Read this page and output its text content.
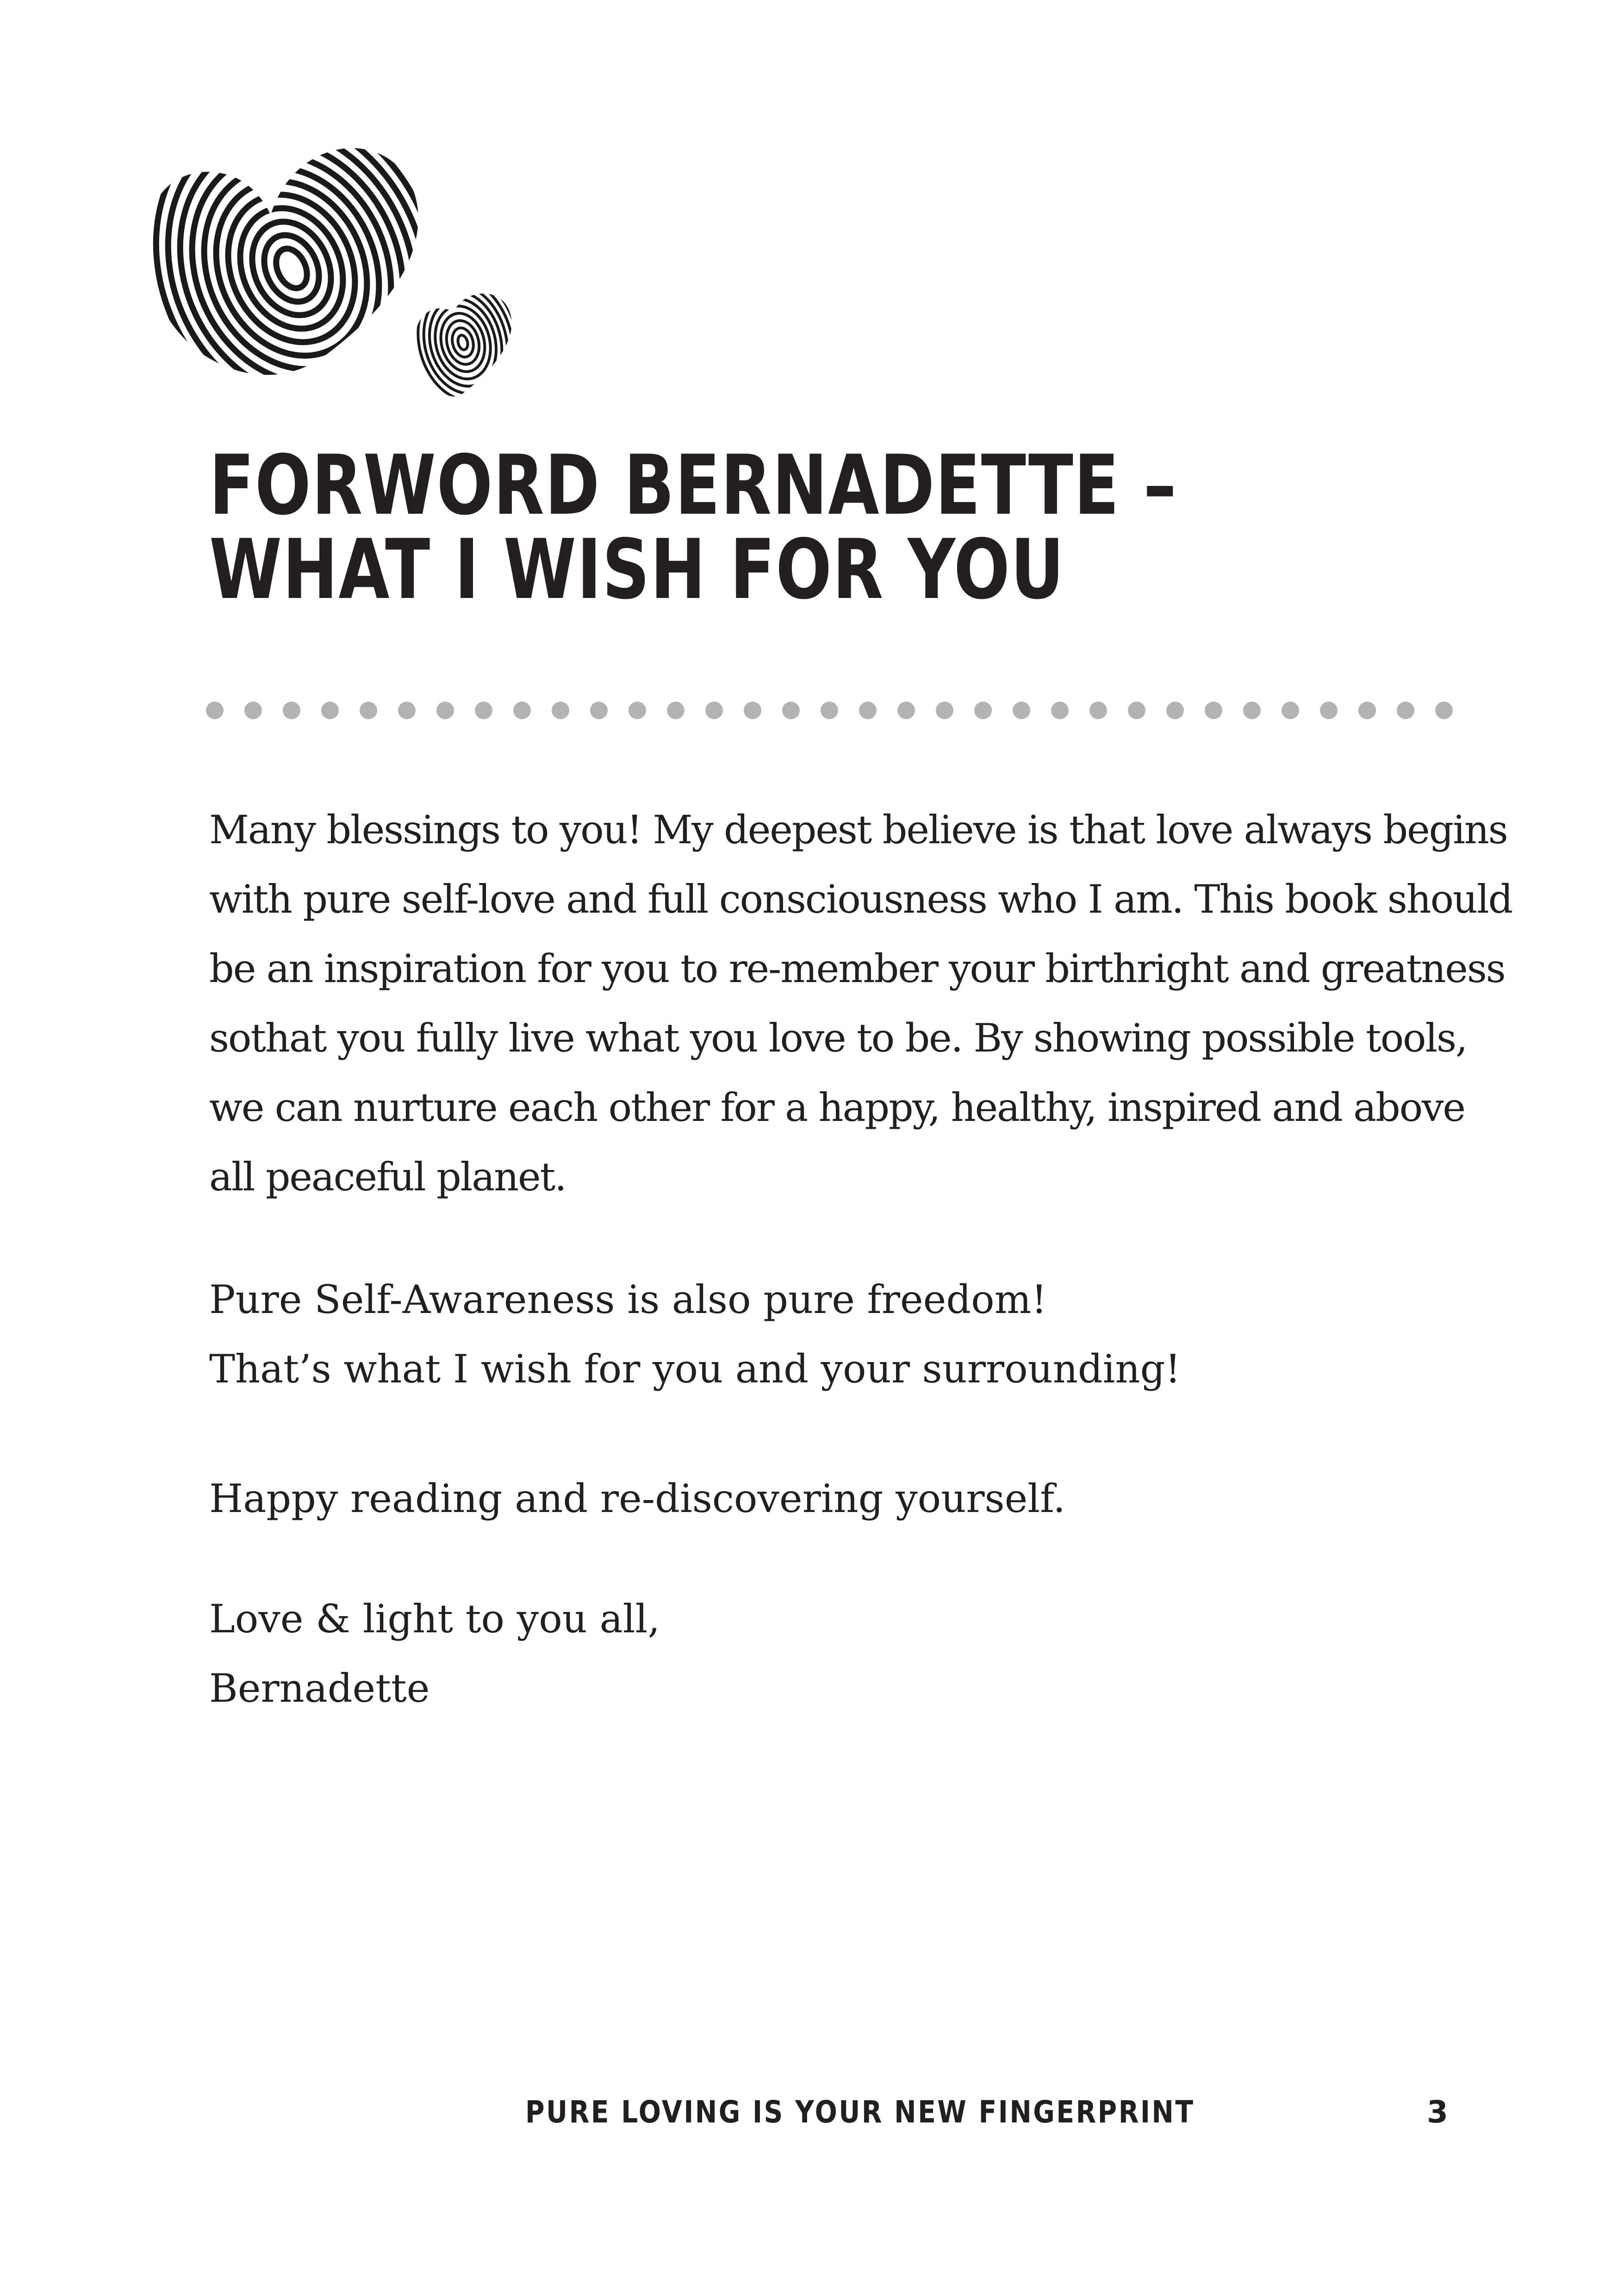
FORWORD BERNADETTE –
WHAT I WISH FOR YOU

Many blessings to you! My deepest believe is that love always begins
with pure self-love and full consciousness who I am. This book should
be an inspiration for you to re-member your birthright and greatness
sothat you fully live what you love to be. By showing possible tools,
we can nurture each other for a happy, healthy, inspired and above
all peaceful planet.

Pure Self-Awareness is also pure freedom!
That’s what I wish for you and your surrounding!

Happy reading and re-discovering yourself.

Love & light to you all,
Bernadette

PURE LOVING IS YOUR NEW FINGERPRINT	3
